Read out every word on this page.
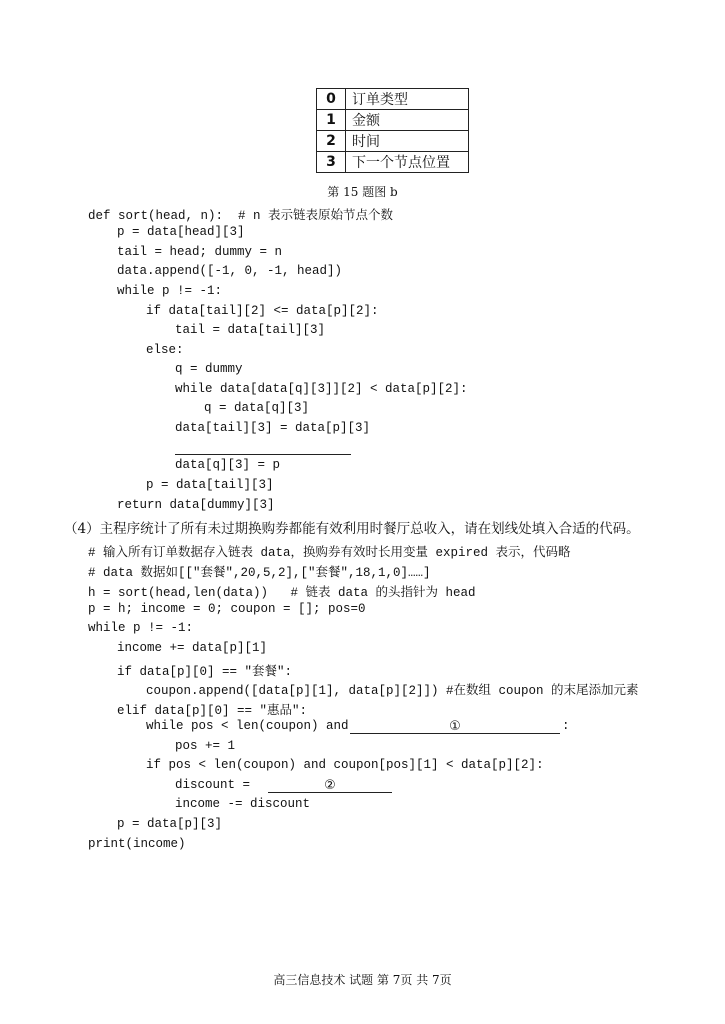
0	订单类型
1	金额
2	时间
3	下一个节点位置
第 15 题图 b
def sort(head, n):  # n 表示链表原始节点个数
p = data[head][3]
tail = head; dummy = n
data.append([-1, 0, -1, head])
while p != -1:
if data[tail][2] <= data[p][2]:
tail = data[tail][3]
else:
q = dummy
while data[data[q][3]][2] < data[p][2]:
q = data[q][3]
data[tail][3] = data[p][3]
data[q][3] = p
p = data[tail][3]
return data[dummy][3]
（4）主程序统计了所有未过期换购券都能有效利用时餐厅总收入，请在划线处填入合适的代码。
# 输入所有订单数据存入链表 data，换购券有效时长用变量 expired 表示，代码略
# data 数据如[["套餐",20,5,2],["套餐",18,1,0]……]
h = sort(head,len(data))   # 链表 data 的头指针为 head
p = h; income = 0; coupon = []; pos=0
while p != -1:
income += data[p][1]
if data[p][0] == "套餐":
coupon.append([data[p][1], data[p][2]]) #在数组 coupon 的末尾添加元素
elif data[p][0] == "惠品":
while pos < len(coupon) and
pos += 1
if pos < len(coupon) and coupon[pos][1] < data[p][2]:
discount =
income -= discount
p = data[p][3]
print(income)
①	:
②
高三信息技术 试题 第 7页 共 7页
